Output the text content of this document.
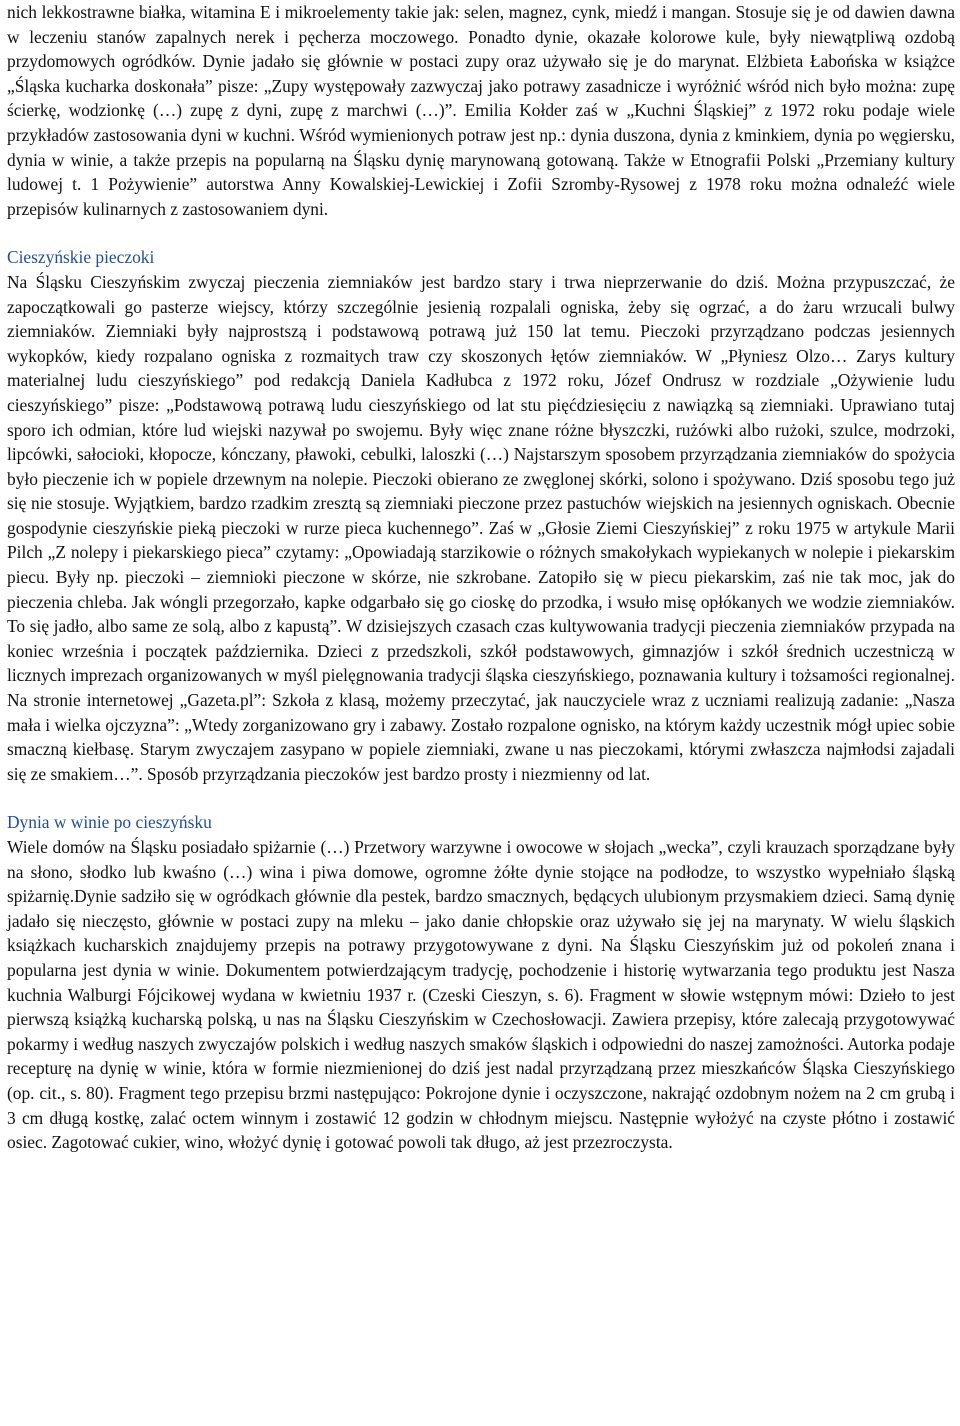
nich lekkostrawne białka, witamina E i mikroelementy takie jak: selen, magnez, cynk, miedź i mangan. Stosuje się je od dawien dawna w leczeniu stanów zapalnych nerek i pęcherza moczowego. Ponadto dynie, okazałe kolorowe kule, były niewątpliwą ozdobą przydomowych ogródków. Dynie jadało się głównie w postaci zupy oraz używało się je do marynat. Elżbieta Łabońska w książce „Śląska kucharka doskonała” pisze: „Zupy występowały zazwyczaj jako potrawy zasadnicze i wyróżnić wśród nich było można: zupę ścierkę, wodzionkę (…) zupę z dyni, zupę z marchwi (…)”. Emilia Kołder zaś w „Kuchni Śląskiej” z 1972 roku podaje wiele przykładów zastosowania dyni w kuchni. Wśród wymienionych potraw jest np.: dynia duszona, dynia z kminkiem, dynia po węgiersku, dynia w winie, a także przepis na popularną na Śląsku dynię marynowaną gotowaną. Także w Etnografii Polski „Przemiany kultury ludowej t. 1 Pożywienie” autorstwa Anny Kowalskiej-Lewickiej i Zofii Szromby-Rysowej z 1978 roku można odnaleźć wiele przepisów kulinarnych z zastosowaniem dyni.

Cieszyńskie pieczoki

Na Śląsku Cieszyńskim zwyczaj pieczenia ziemniaków jest bardzo stary i trwa nieprzerwanie do dziś. Można przypuszczać, że zapoczątkowali go pasterze wiejscy, którzy szczególnie jesienią rozpalali ogniska, żeby się ogrzać, a do żaru wrzucali bulwy ziemniaków. Ziemniaki były najprostszą i podstawową potrawą już 150 lat temu. Pieczoki przyrządzano podczas jesiennych wykopków, kiedy rozpalano ogniska z rozmaitych traw czy skoszonych łętów ziemniaków. W „Płyniesz Olzo… Zarys kultury materialnej ludu cieszyńskiego” pod redakcją Daniela Kadłubca z 1972 roku, Józef Ondrusz w rozdziale „Ożywienie ludu cieszyńskiego” pisze: „Podstawową potrawą ludu cieszyńskiego od lat stu pięćdziesięciu z nawiązką są ziemniaki. Uprawiano tutaj sporo ich odmian, które lud wiejski nazywał po swojemu. Były więc znane różne błyszczki, rużówki albo rużoki, szulce, modrzoki, lipcówki, sałocioki, kłopocze, kónczany, pławoki, cebulki, laloszki (…) Najstarszym sposobem przyrządzania ziemniaków do spożycia było pieczenie ich w popiele drzewnym na nolepie. Pieczoki obierano ze zwęglonej skórki, solono i spożywano. Dziś sposobu tego już się nie stosuje. Wyjątkiem, bardzo rzadkim zresztą są ziemniaki pieczone przez pastuchów wiejskich na jesiennych ogniskach. Obecnie gospodynie cieszyńskie pieką pieczoki w rurze pieca kuchennego”. Zaś w „Głosie Ziemi Cieszyńskiej” z roku 1975 w artykule Marii Pilch „Z nolepy i piekarskiego pieca” czytamy: „Opowiadają starzikowie o różnych smakołykach wypiekanych w nolepie i piekarskim piecu. Były np. pieczoki – ziemnioki pieczone w skórze, nie szkrobane. Zatopiło się w piecu piekarskim, zaś nie tak moc, jak do pieczenia chleba. Jak wóngli przegorzało, kapke odgarbało się go cioskę do przodka, i wsuło misę opłókanych we wodzie ziemniaków. To się jadło, albo same ze solą, albo z kapustą”. W dzisiejszych czasach czas kultywowania tradycji pieczenia ziemniaków przypada na koniec września i początek października. Dzieci z przedszkoli, szkół podstawowych, gimnazjów i szkół średnich uczestniczą w licznych imprezach organizowanych w myśl pielęgnowania tradycji śląska cieszyńskiego, poznawania kultury i tożsamości regionalnej. Na stronie internetowej „Gazeta.pl”: Szkoła z klasą, możemy przeczytać, jak nauczyciele wraz z uczniami realizują zadanie: „Nasza mała i wielka ojczyzna”: „Wtedy zorganizowano gry i zabawy. Zostało rozpalone ognisko, na którym każdy uczestnik mógł upiec sobie smaczną kiełbasę. Starym zwyczajem zasypano w popiele ziemniaki, zwane u nas pieczokami, którymi zwłaszcza najmłodsi zajadali się ze smakiem…”. Sposób przyrządzania pieczoków jest bardzo prosty i niezmienny od lat.

Dynia w winie po cieszyńsku

Wiele domów na Śląsku posiadało spiżarnie (…) Przetwory warzywne i owocowe w słojach „wecka”, czyli krauzach sporządzane były na słono, słodko lub kwaśno (…) wina i piwa domowe, ogromne żółte dynie stojące na podłodze, to wszystko wypełniało śląską spiżarnię.Dynie sadziło się w ogródkach głównie dla pestek, bardzo smacznych, będących ulubionym przysmakiem dzieci. Samą dynię jadało się nieczęsto, głównie w postaci zupy na mleku – jako danie chłopskie oraz używało się jej na marynaty. W wielu śląskich książkach kucharskich znajdujemy przepis na potrawy przygotowywane z dyni. Na Śląsku Cieszyńskim już od pokoleń znana i popularna jest dynia w winie. Dokumentem potwierdzającym tradycję, pochodzenie i historię wytwarzania tego produktu jest Nasza kuchnia Walburgi Fójcikowej wydana w kwietniu 1937 r. (Czeski Cieszyn, s. 6). Fragment w słowie wstępnym mówi: Dzieło to jest pierwszą książką kucharską polską, u nas na Śląsku Cieszyńskim w Czechosłowacji. Zawiera przepisy, które zalecają przygotowywać pokarmy i według naszych zwyczajów polskich i według naszych smaków śląskich i odpowiedni do naszej zamożności. Autorka podaje recepturę na dynię w winie, która w formie niezmienionej do dziś jest nadal przyrządzaną przez mieszkańców Śląska Cieszyńskiego (op. cit., s. 80). Fragment tego przepisu brzmi następująco: Pokrojone dynie i oczyszczone, nakrająć ozdobnym nożem na 2 cm grubą i 3 cm długą kostkę, zalać octem winnym i zostawić 12 godzin w chłodnym miejscu. Następnie wyłożyć na czyste płótno i zostawić osiec. Zagotować cukier, wino, włożyć dynię i gotować powoli tak długo, aż jest przezroczysta.
